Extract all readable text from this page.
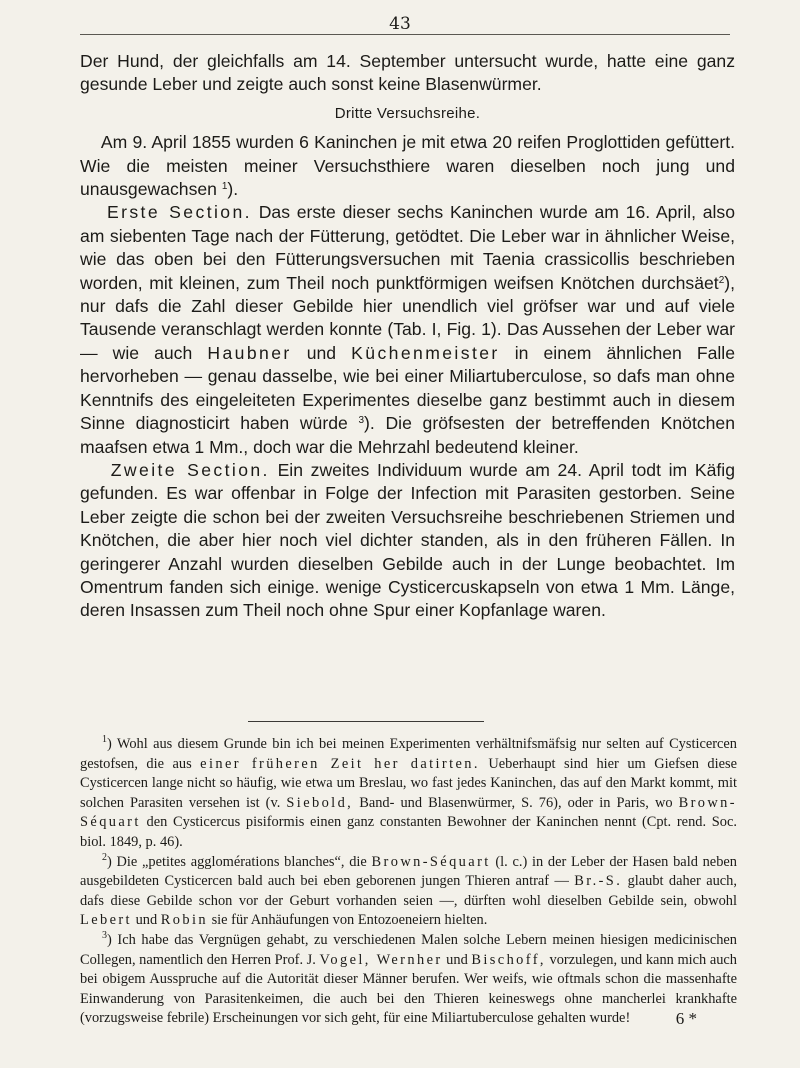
43

Der Hund, der gleichfalls am 14. September untersucht wurde, hatte eine ganz gesunde Leber und zeigte auch sonst keine Blasenwürmer.

Dritte Versuchsreihe.

Am 9. April 1855 wurden 6 Kaninchen je mit etwa 20 reifen Proglottiden gefüttert. Wie die meisten meiner Versuchsthiere waren dieselben noch jung und unausgewachsen $^1$).

Erste Section. Das erste dieser sechs Kaninchen wurde am 16. April, also am siebenten Tage nach der Fütterung, getödtet. Die Leber war in ähnlicher Weise, wie das oben bei den Fütterungsversuchen mit Taenia crassicollis beschrieben worden, mit kleinen, zum Theil noch punktförmigen weifsen Knötchen durchsäet$^2$), nur dafs die Zahl dieser Gebilde hier unendlich viel gröfser war und auf viele Tausende veranschlagt werden konnte (Tab. I, Fig. 1). Das Aussehen der Leber war — wie auch Haubner und Küchenmeister in einem ähnlichen Falle hervorheben — genau dasselbe, wie bei einer Miliartuberculose, so dafs man ohne Kenntnifs des eingeleiteten Experimentes dieselbe ganz bestimmt auch in diesem Sinne diagnosticirt haben würde $^3$). Die gröfsesten der betreffenden Knötchen maafsen etwa 1 Mm., doch war die Mehrzahl bedeutend kleiner.

Zweite Section. Ein zweites Individuum wurde am 24. April todt im Käfig gefunden. Es war offenbar in Folge der Infection mit Parasiten gestorben. Seine Leber zeigte die schon bei der zweiten Versuchsreihe beschriebenen Striemen und Knötchen, die aber hier noch viel dichter standen, als in den früheren Fällen. In geringerer Anzahl wurden dieselben Gebilde auch in der Lunge beobachtet. Im Omentrum fanden sich einige. wenige Cysticercuskapseln von etwa 1 Mm. Länge, deren Insassen zum Theil noch ohne Spur einer Kopfanlage waren.

$^1$) Wohl aus diesem Grunde bin ich bei meinen Experimenten verhältnifsmäfsig nur selten auf Cysticercen gestofsen, die aus einer früheren Zeit her datirten. Ueberhaupt sind hier um Giefsen diese Cysticercen lange nicht so häufig, wie etwa um Breslau, wo fast jedes Kaninchen, das auf den Markt kommt, mit solchen Parasiten versehen ist (v. Siebold, Band- und Blasenwürmer, S. 76), oder in Paris, wo Brown-Séquart den Cysticercus pisiformis einen ganz constanten Bewohner der Kaninchen nennt (Cpt. rend. Soc. biol. 1849, p. 46).

$^2$) Die „petites agglomérations blanches“, die Brown-Séquart (l. c.) in der Leber der Hasen bald neben ausgebildeten Cysticercen bald auch bei eben geborenen jungen Thieren antraf — Br.-S. glaubt daher auch, dafs diese Gebilde schon vor der Geburt vorhanden seien —, dürften wohl dieselben Gebilde sein, obwohl Lebert und Robin sie für Anhäufungen von Entozoeneiern hielten.

$^3$) Ich habe das Vergnügen gehabt, zu verschiedenen Malen solche Lebern meinen hiesigen medicinischen Collegen, namentlich den Herren Prof. J. Vogel, Wernher und Bischoff, vorzulegen, und kann mich auch bei obigem Ausspruche auf die Autorität dieser Männer berufen. Wer weifs, wie oftmals schon die massenhafte Einwanderung von Parasitenkeimen, die auch bei den Thieren keineswegs ohne mancherlei krankhafte (vorzugsweise febrile) Erscheinungen vor sich geht, für eine Miliartuberculose gehalten wurde!	6 *
